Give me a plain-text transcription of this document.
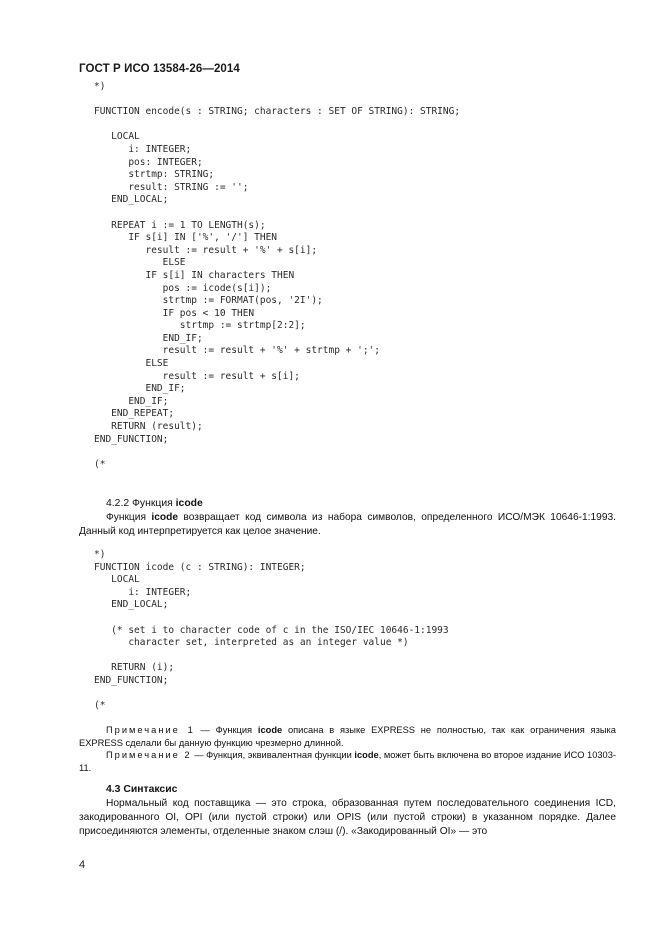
ГОСТ Р ИСО 13584-26—2014
*)

FUNCTION encode(s : STRING; characters : SET OF STRING): STRING;

LOCAL
i: INTEGER;
pos: INTEGER;
strtmp: STRING;
result: STRING := '';
END_LOCAL;

REPEAT i := 1 TO LENGTH(s);
IF s[i] IN ['%', '/'] THEN
result := result + '%' + s[i];
ELSE
IF s[i] IN characters THEN
pos := icode(s[i]);
strtmp := FORMAT(pos, '2I');
IF pos < 10 THEN
strtmp := strtmp[2:2];
END_IF;
result := result + '%' + strtmp + ';';
ELSE
result := result + s[i];
END_IF;
END_IF;
END_REPEAT;
RETURN (result);
END_FUNCTION;

(*
4.2.2 Функция icode
Функция icode возвращает код символа из набора символов, определенного ИСО/МЭК 10646-1:1993. Данный код интерпретируется как целое значение.
*)
FUNCTION icode (c : STRING): INTEGER;
LOCAL
i: INTEGER;
END_LOCAL;

(* set i to character code of c in the ISO/IEC 10646-1:1993
character set, interpreted as an integer value *)

RETURN (i);
END_FUNCTION;

(*
Примечание 1 — Функция icode описана в языке EXPRESS не полностью, так как ограничения языка EXPRESS сделали бы данную функцию чрезмерно длинной.
Примечание 2 — Функция, эквивалентная функции icode, может быть включена во второе издание ИСО 10303-11.
4.3 Синтаксис
Нормальный код поставщика — это строка, образованная путем последовательного соединения ICD, закодированного OI, OPI (или пустой строки) или OPIS (или пустой строки) в указанном порядке. Далее присоединяются элементы, отделенные знаком слэш (/). «Закодированный OI» — это
4
